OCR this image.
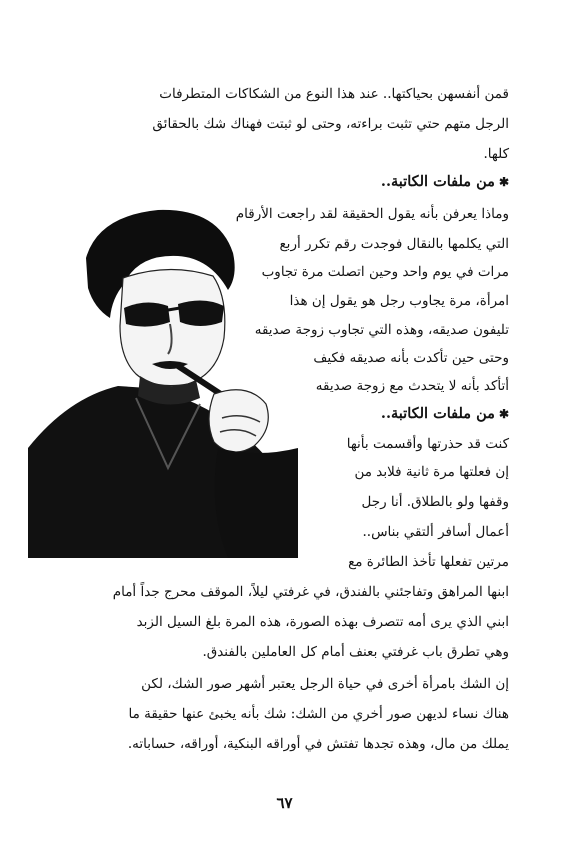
قمن أنفسهن بحياكتها.. عند هذا النوع من الشكاكات المتطرفات
الرجل متهم حتي تثبت براءته، وحتى لو ثبتت فهناك شك بالحقائق
كلها.
✱من ملفات الكاتبة..
وماذا يعرفن بأنه يقول الحقيقة لقد راجعت الأرقام
التي يكلمها بالنقال فوجدت رقم تكرر أربع
مرات في يوم واحد وحين اتصلت مرة تجاوب
امرأة، مرة يجاوب رجل هو يقول إن هذا
تليفون صديقه، وهذه التي تجاوب زوجة صديقه
وحتى حين تأكدت بأنه صديقه فكيف
أتأكد بأنه لا يتحدث مع زوجة صديقه
✱من ملفات الكاتبة..
كنت قد حذرتها وأقسمت بأنها
إن فعلتها مرة ثانية فلابد من
وقفها ولو بالطلاق. أنا رجل
أعمال أسافر ألتقي بناس..
مرتين تفعلها تأخذ الطائرة مع
ابنها المراهق وتفاجئني بالفندق، في غرفتي ليلاً، الموقف محرج جداً أمام
ابني الذي يرى أمه تتصرف بهذه الصورة، هذه المرة بلغ السيل الزبد
وهي تطرق باب غرفتي بعنف أمام كل العاملين بالفندق.
إن الشك بامرأة أخرى في حياة الرجل يعتبر أشهر صور الشك، لكن
هناك نساء لديهن صور أخري من الشك: شك بأنه يخبئ عنها حقيقة ما
يملك من مال، وهذه تجدها تفتش في أوراقه البنكية، أوراقه، حساباته.
٦٧
